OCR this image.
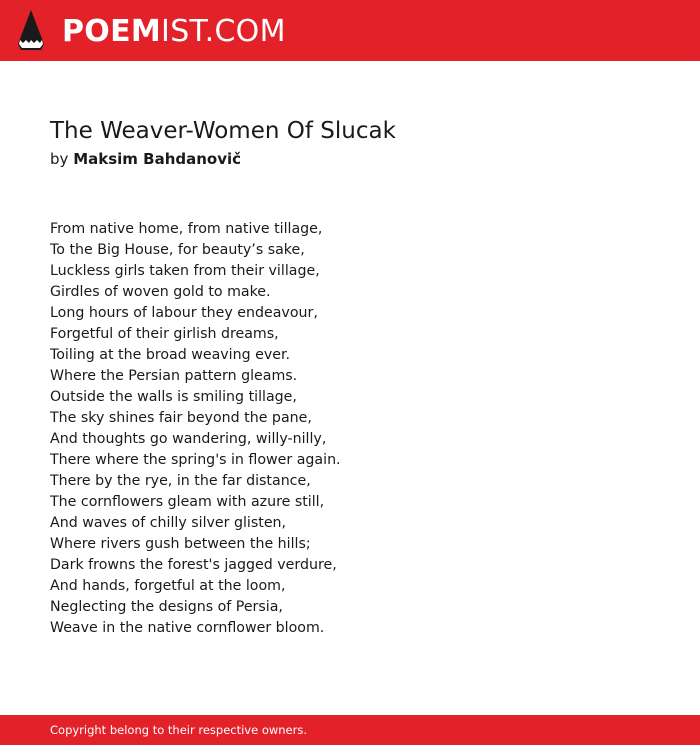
POEMIST.COM
The Weaver-Women Of Slucak
by Maksim Bahdanovič
From native home, from native tillage,
To the Big House, for beauty’s sake,
Luckless girls taken from their village,
Girdles of woven gold to make.
Long hours of labour they endeavour,
Forgetful of their girlish dreams,
Toiling at the broad weaving ever.
Where the Persian pattern gleams.
Outside the walls is smiling tillage,
The sky shines fair beyond the pane,
And thoughts go wandering, willy-nilly,
There where the spring's in flower again.
There by the rye, in the far distance,
The cornflowers gleam with azure still,
And waves of chilly silver glisten,
Where rivers gush between the hills;
Dark frowns the forest's jagged verdure,
And hands, forgetful at the loom,
Neglecting the designs of Persia,
Weave in the native cornflower bloom.
Copyright belong to their respective owners.
